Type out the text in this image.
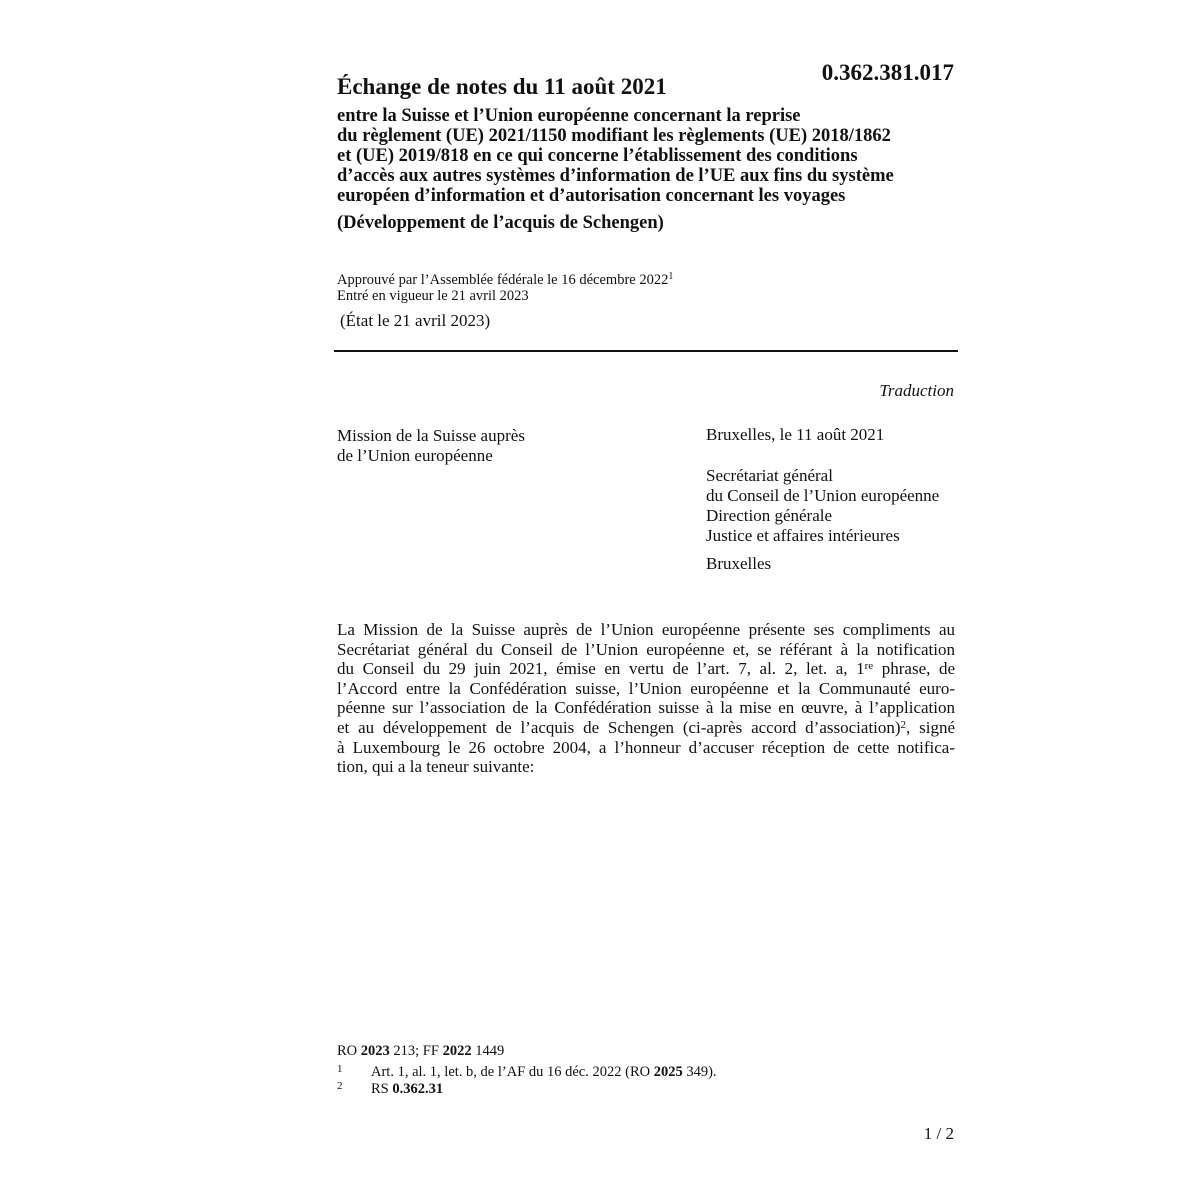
Échange de notes du 11 août 2021
0.362.381.017
entre la Suisse et l’Union européenne concernant la reprise
du règlement (UE) 2021/1150 modifiant les règlements (UE) 2018/1862
et (UE) 2019/818 en ce qui concerne l’établissement des conditions
d’accès aux autres systèmes d’information de l’UE aux fins du système
européen d’information et d’autorisation concernant les voyages
(Développement de l’acquis de Schengen)
Approuvé par l’Assemblée fédérale le 16 décembre 2022$^1$
Entré en vigueur le 21 avril 2023
(État le 21 avril 2023)
Traduction
Mission de la Suisse auprès
de l’Union européenne
Bruxelles, le 11 août 2021
Secrétariat général
du Conseil de l’Union européenne
Direction générale
Justice et affaires intérieures
Bruxelles
La Mission de la Suisse auprès de l’Union européenne présente ses compliments au
Secrétariat général du Conseil de l’Union européenne et, se référant à la notification
du Conseil du 29 juin 2021, émise en vertu de l’art. 7, al. 2, let. a, 1re phrase, de
l’Accord entre la Confédération suisse, l’Union européenne et la Communauté euro-
péenne sur l’association de la Confédération suisse à la mise en œuvre, à l’application
et au développement de l’acquis de Schengen (ci-après accord d’association)$^2$, signé
à Luxembourg le 26 octobre 2004, a l’honneur d’accuser réception de cette notifica-
tion, qui a la teneur suivante:
RO 2023 213; FF 2022 1449
1 Art. 1, al. 1, let. b, de l’AF du 16 déc. 2022 (RO 2025 349).
2 RS 0.362.31
1 / 2
